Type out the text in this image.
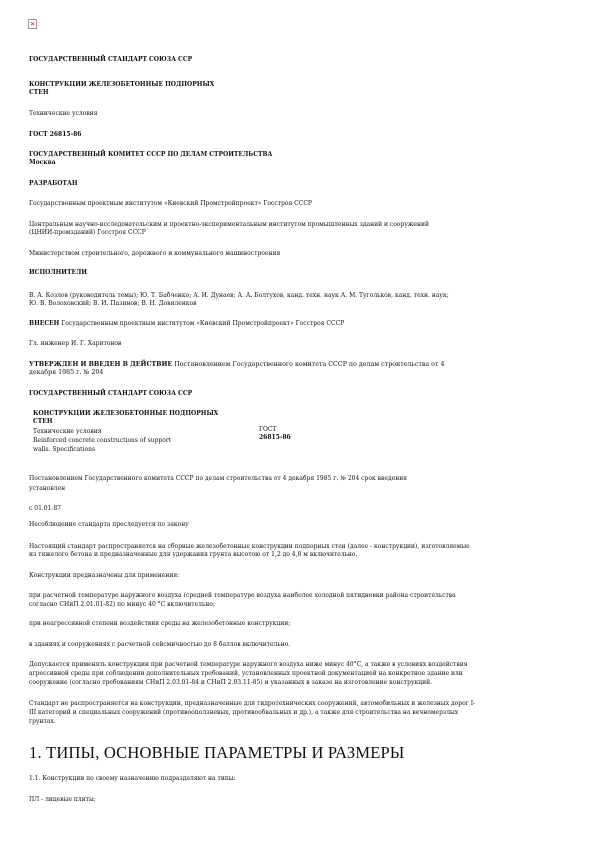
×
ГОСУДАРСТВЕННЫЙ СТАНДАРТ СОЮЗА ССР
КОНСТРУКЦИИ ЖЕЛЕЗОБЕТОННЫЕ ПОДПОРНЫХ
СТЕН
Технические условия
ГОСТ 26815-86
ГОСУДАРСТВЕННЫЙ КОМИТЕТ СССР ПО ДЕЛАМ СТРОИТЕЛЬСТВА
Москва
РАЗРАБОТАН
Государственным проектным институтом «Киевский Промстройпроект» Госстроя СССР
Центральным научно-исследовательским и проектно-экспериментальным институтом промышленных зданий и сооружений
(ЦНИИ-промзданий) Госстроя СССР
Министерством строительного, дорожного и коммунального машиностроения
ИСПОЛНИТЕЛИ
В. А. Козлов (руководитель темы); Ю. Т. Бабченко; А. И. Дунаев; А. А. Болтухов, канд. техн. наук А. М. Тугольков, канд. техн. наук;
Ю. В. Волоховский; В. И. Пазинов; В. Н. Довиленков
ВНЕСЕН Государственным проектным институтом «Киевский Промстройпроект» Госстроя СССР
Гл. инженер И. Г. Харитонов
УТВЕРЖДЕН И ВВЕДЕН В ДЕЙСТВИЕ Постановлением Государственного комитета СССР по делам строительства от 4
декабря 1985 г. № 204
ГОСУДАРСТВЕННЫЙ СТАНДАРТ СОЮЗА ССР
КОНСТРУКЦИИ ЖЕЛЕЗОБЕТОННЫЕ ПОДПОРНЫХ
СТЕН
Технические условия
Reinforced concrete constructions of support
walls. Specifications
ГОСТ
26815-86
Постановлением Государственного комитета СССР по делам строительства от 4 декабря 1985 г. № 204 срок введения
установлен
с 01.01.87
Несоблюдение стандарта преследуется по закону
Настоящий стандарт распространяется на сборные железобетонные конструкции подпорных стен (далее - конструкции), изготовляемые
из тяжелого бетона и предназначенные для удержания грунта высотою от 1,2 до 4,8 м включительно.
Конструкции предназначены для применения:
при расчетной температуре наружного воздуха (средней температуре воздуха наиболее холодной пятидневки района строительства
согласно СНиП 2.01.01-82) по минус 40 °С включительно;
при неагрессивной степени воздействия среды на железобетонные конструкции;
в зданиях и сооружениях с расчетной сейсмичностью до 8 баллов включительно.
Допускается применять конструкции при расчетной температуре наружного воздуха ниже минус 40°С, а также в условиях воздействия
агрессивной среды при соблюдении дополнительных требований, установленных проектной документацией на конкретное здание или
сооружение (согласно требованиям СНиП 2.03.01-84 и СНиП 2.03.11-85) и указанных в заказе на изготовление конструкций.
Стандарт не распространяется на конструкции, предназначенные для гидротехнических сооружений, автомобильных и железных дорог I-
III категорий и специальных сооружений (противооползневых, противообвальных и др.), а также для строительства на вечномерзлых
грунтах.
1. ТИПЫ, ОСНОВНЫЕ ПАРАМЕТРЫ И РАЗМЕРЫ
1.1. Конструкции по своему назначению подразделяют на типы:
ПЛ - лицевые плиты;
